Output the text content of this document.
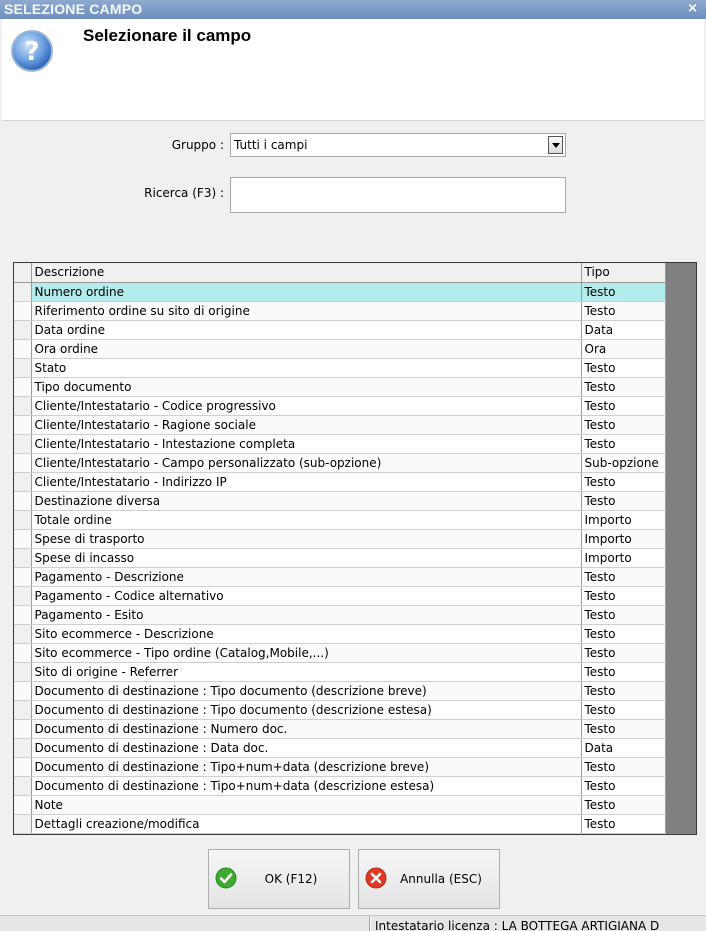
SELEZIONE CAMPO	×
?
Selezionare il campo
Gruppo : Tutti i campi
Ricerca (F3) :
	Descrizione	Tipo
	Numero ordine	Testo
	Riferimento ordine su sito di origine	Testo
	Data ordine	Data
	Ora ordine	Ora
	Stato	Testo
	Tipo documento	Testo
	Cliente/Intestatario - Codice progressivo	Testo
	Cliente/Intestatario - Ragione sociale	Testo
	Cliente/Intestatario - Intestazione completa	Testo
	Cliente/Intestatario - Campo personalizzato (sub-opzione)	Sub-opzione
	Cliente/Intestatario - Indirizzo IP	Testo
	Destinazione diversa	Testo
	Totale ordine	Importo
	Spese di trasporto	Importo
	Spese di incasso	Importo
	Pagamento - Descrizione	Testo
	Pagamento - Codice alternativo	Testo
	Pagamento - Esito	Testo
	Sito ecommerce - Descrizione	Testo
	Sito ecommerce - Tipo ordine (Catalog,Mobile,...)	Testo
	Sito di origine - Referrer	Testo
	Documento di destinazione : Tipo documento (descrizione breve)	Testo
	Documento di destinazione : Tipo documento (descrizione estesa)	Testo
	Documento di destinazione : Numero doc.	Testo
	Documento di destinazione : Data doc.	Data
	Documento di destinazione : Tipo+num+data (descrizione breve)	Testo
	Documento di destinazione : Tipo+num+data (descrizione estesa)	Testo
	Note	Testo
	Dettagli creazione/modifica	Testo
OK (F12)	Annulla (ESC)
Intestatario licenza : LA BOTTEGA ARTIGIANA D
